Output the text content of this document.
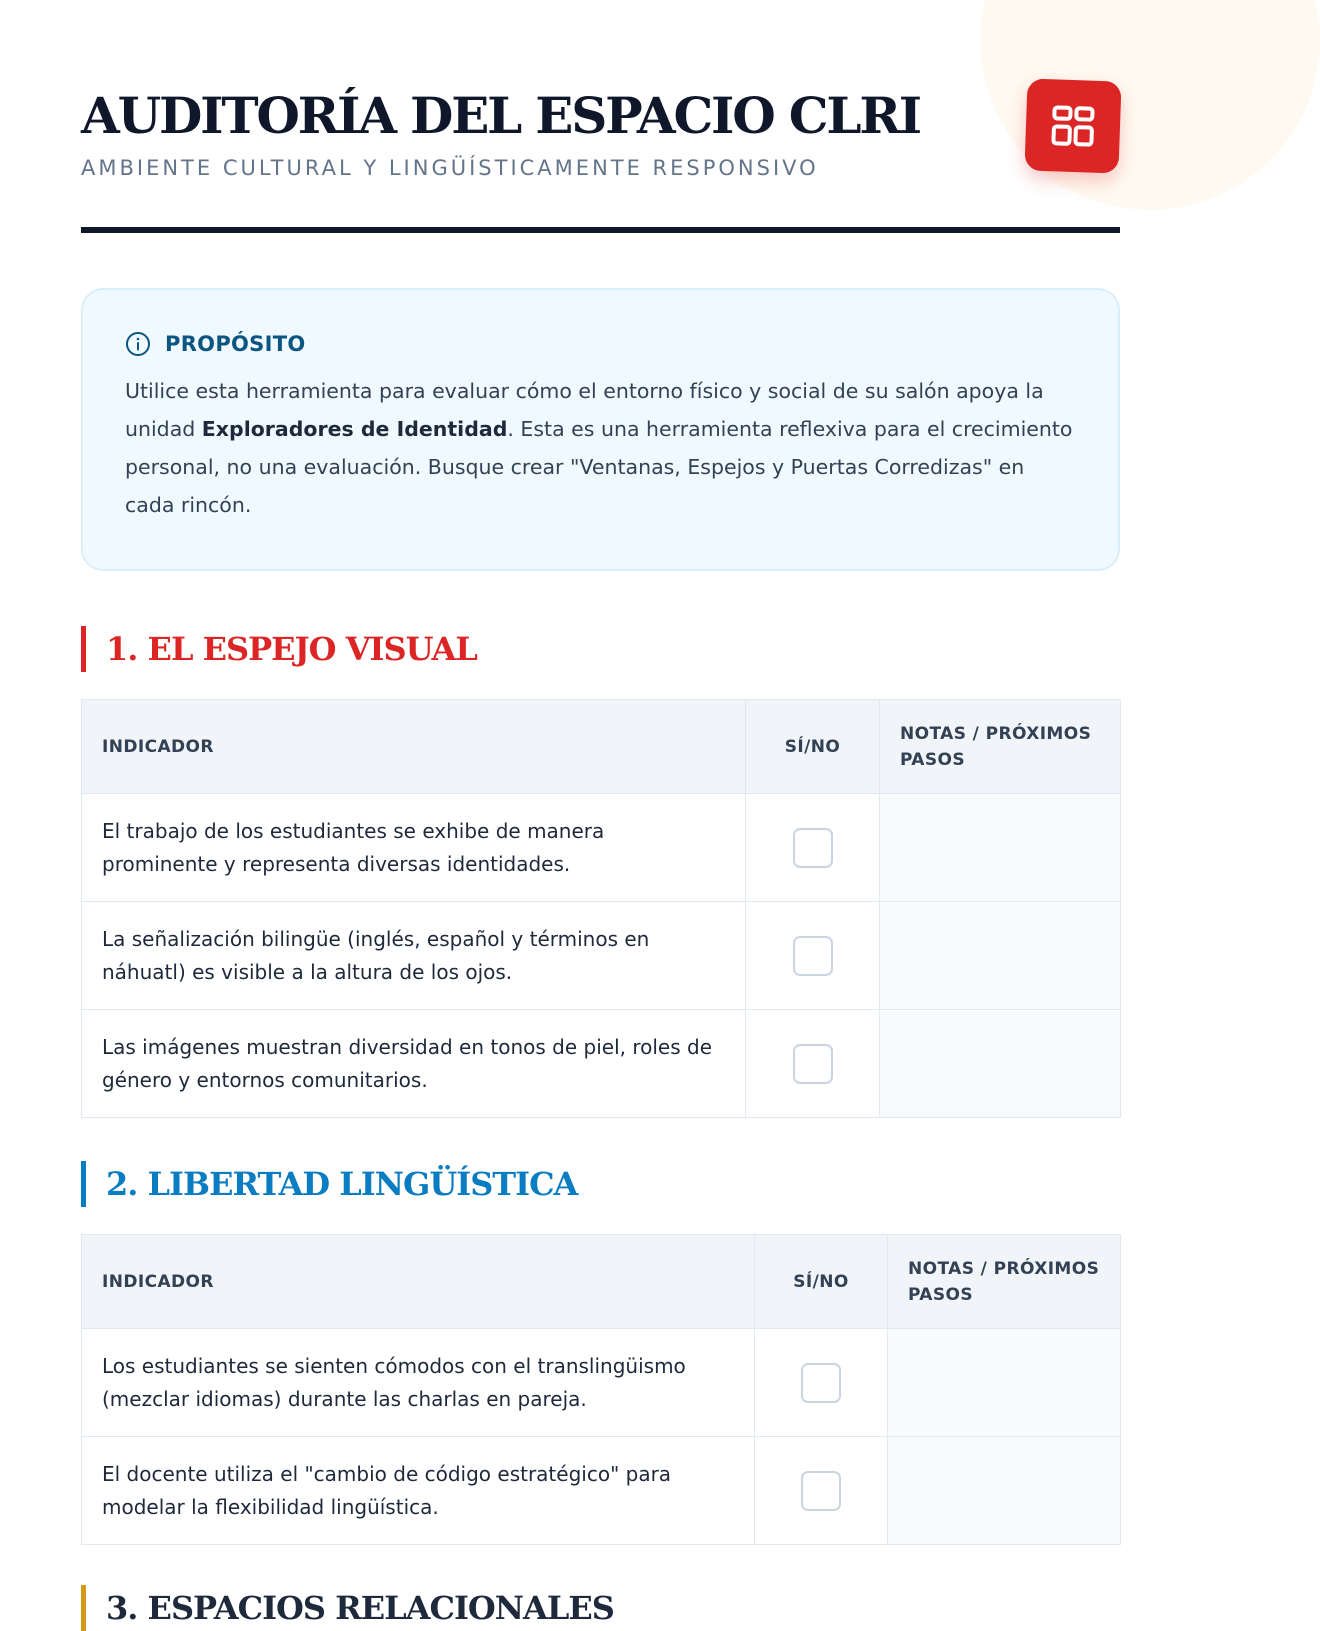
AUDITORÍA DEL ESPACIO CLRI
AMBIENTE CULTURAL Y LINGÜÍSTICAMENTE RESPONSIVO
PROPÓSITO

Utilice esta herramienta para evaluar cómo el entorno físico y social de su salón apoya la unidad Exploradores de Identidad. Esta es una herramienta reflexiva para el crecimiento personal, no una evaluación. Busque crear "Ventanas, Espejos y Puertas Corredizas" en cada rincón.

1. EL ESPEJO VISUAL
INDICADOR	SÍ/NO	NOTAS / PRÓXIMOS PASOS
El trabajo de los estudiantes se exhibe de manera prominente y representa diversas identidades.		
La señalización bilingüe (inglés, español y términos en náhuatl) es visible a la altura de los ojos.		
Las imágenes muestran diversidad en tonos de piel, roles de género y entornos comunitarios.		
2. LIBERTAD LINGÜÍSTICA
INDICADOR	SÍ/NO	NOTAS / PRÓXIMOS PASOS
Los estudiantes se sienten cómodos con el translingüismo (mezclar idiomas) durante las charlas en pareja.		
El docente utiliza el "cambio de código estratégico" para modelar la flexibilidad lingüística.		
3. ESPACIOS RELACIONALES
